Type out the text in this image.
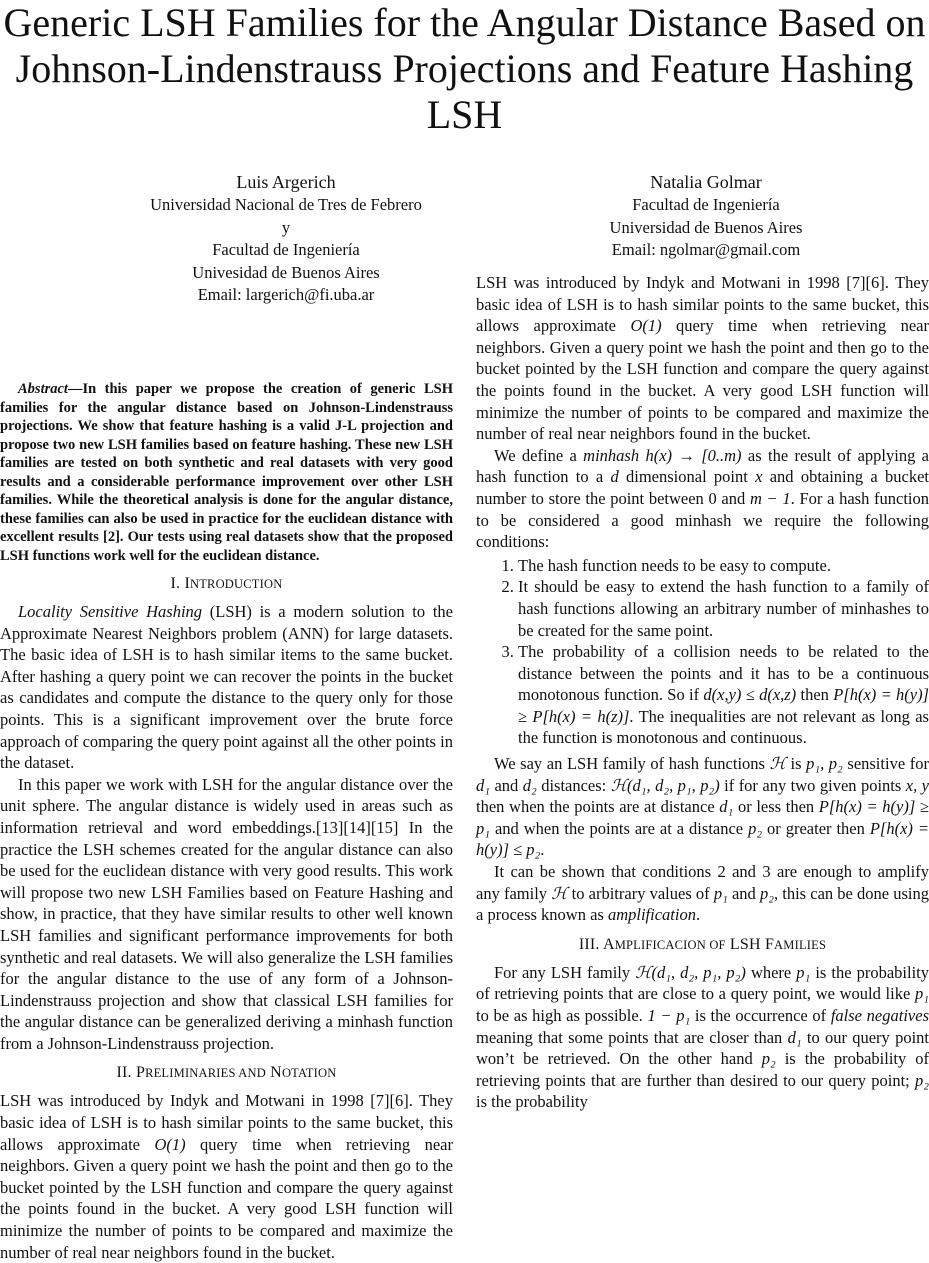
Generic LSH Families for the Angular Distance Based on Johnson-Lindenstrauss Projections and Feature Hashing LSH
Luis Argerich
Universidad Nacional de Tres de Febrero
y
Facultad de Ingeniería
Univesidad de Buenos Aires
Email: largerich@fi.uba.ar
Natalia Golmar
Facultad de Ingeniería
Universidad de Buenos Aires
Email: ngolmar@gmail.com

Abstract—In this paper we propose the creation of generic LSH families for the angular distance based on Johnson-Lindenstrauss projections. We show that feature hashing is a valid J-L projection and propose two new LSH families based on feature hashing. These new LSH families are tested on both synthetic and real datasets with very good results and a considerable performance improvement over other LSH families. While the theoretical analysis is done for the angular distance, these families can also be used in practice for the euclidean distance with excellent results [2]. Our tests using real datasets show that the proposed LSH functions work well for the euclidean distance.

I. INTRODUCTION

Locality Sensitive Hashing (LSH) is a modern solution to the Approximate Nearest Neighbors problem (ANN) for large datasets. The basic idea of LSH is to hash similar items to the same bucket. After hashing a query point we can recover the points in the bucket as candidates and compute the distance to the query only for those points. This is a significant improvement over the brute force approach of comparing the query point against all the other points in the dataset.

In this paper we work with LSH for the angular distance over the unit sphere. The angular distance is widely used in areas such as information retrieval and word embeddings.[13][14][15] In the practice the LSH schemes created for the angular distance can also be used for the euclidean distance with very good results. This work will propose two new LSH Families based on Feature Hashing and show, in practice, that they have similar results to other well known LSH families and significant performance improvements for both synthetic and real datasets. We will also generalize the LSH families for the angular distance to the use of any form of a Johnson-Lindenstrauss projection and show that classical LSH families for the angular distance can be generalized deriving a minhash function from a Johnson-Lindenstrauss projection.

II. PRELIMINARIES AND NOTATION

LSH was introduced by Indyk and Motwani in 1998 [7][6]. They basic idea of LSH is to hash similar points to the same bucket, this allows approximate O(1) query time when retrieving near neighbors. Given a query point we hash the point and then go to the bucket pointed by the LSH function and compare the query against the points found in the bucket. A very good LSH function will minimize the number of points to be compared and maximize the number of real near neighbors found in the bucket.

LSH was introduced by Indyk and Motwani in 1998 [7][6]. They basic idea of LSH is to hash similar points to the same bucket, this allows approximate O(1) query time when retrieving near neighbors. Given a query point we hash the point and then go to the bucket pointed by the LSH function and compare the query against the points found in the bucket. A very good LSH function will minimize the number of points to be compared and maximize the number of real near neighbors found in the bucket.

We define a minhash h(x) → [0..m) as the result of applying a hash function to a d dimensional point x and obtaining a bucket number to store the point between 0 and m − 1. For a hash function to be considered a good minhash we require the following conditions:

1. The hash function needs to be easy to compute.
2. It should be easy to extend the hash function to a family of hash functions allowing an arbitrary number of minhashes to be created for the same point.
3. The probability of a collision needs to be related to the distance between the points and it has to be a continuous monotonous function. So if d(x,y) ≤ d(x,z) then P[h(x) = h(y)] ≥ P[h(x) = h(z)]. The inequalities are not relevant as long as the function is monotonous and continuous.

We say an LSH family of hash functions ℋ is p₁, p₂ sensitive for d₁ and d₂ distances: ℋ(d₁, d₂, p₁, p₂) if for any two given points x, y then when the points are at distance d₁ or less then P[h(x) = h(y)] ≥ p₁ and when the points are at a distance p₂ or greater then P[h(x) = h(y)] ≤ p₂.

It can be shown that conditions 2 and 3 are enough to amplify any family ℋ to arbitrary values of p₁ and p₂, this can be done using a process known as amplification.

III. AMPLIFICACION OF LSH FAMILIES

For any LSH family ℋ(d₁, d₂, p₁, p₂) where p₁ is the probability of retrieving points that are close to a query point, we would like p₁ to be as high as possible. 1 − p₁ is the occurrence of false negatives meaning that some points that are closer than d₁ to our query point won’t be retrieved. On the other hand p₂ is the probability of retrieving points that are further than desired to our query point; p₂ is the probability
